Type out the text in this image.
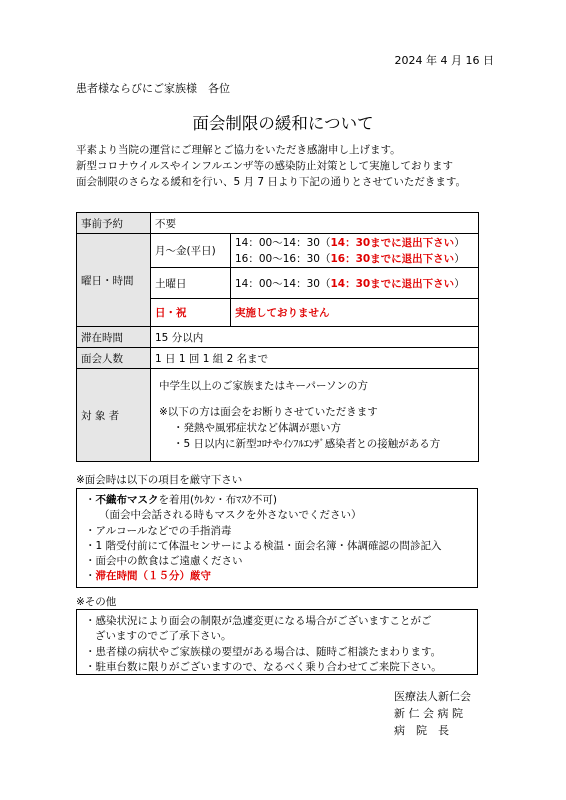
2024 年 4 月 16 日
患者様ならびにご家族様　各位
面会制限の緩和について
平素より当院の運営にご理解とご協力をいただき感謝申し上げます。
新型コロナウイルスやインフルエンザ等の感染防止対策として実施しております
面会制限のさらなる緩和を行い、5 月 7 日より下記の通りとさせていただきます。
事前予約	不要	
曜日・時間	月～金(平日)	14：00～14：30（14：30までに退出下さい）
16：00～16：30（16：30までに退出下さい）

	土曜日	14：00～14：30（14：30までに退出下さい）
	日・祝	実施しておりません
滞在時間	15 分以内	
面会人数	1 日 1 回 1 組 2 名まで	
対 象 者	中学生以上のご家族またはキーパーソンの方
※以下の方は面会をお断りさせていただきます
・発熱や風邪症状など体調が悪い方
・5 日以内に新型ｺﾛﾅやｲﾝﾌﾙｴﾝｻﾞ感染者との接触がある方	
※面会時は以下の項目を厳守下さい
・不織布マスクを着用(ｳﾚﾀﾝ・布ﾏｽｸ不可)
（面会中会話される時もマスクを外さないでください）
・アルコールなどでの手指消毒
・1 階受付前にて体温センサーによる検温・面会名簿・体調確認の問診記入
・面会中の飲食はご遠慮ください
・滞在時間（１５分）厳守
※その他
・感染状況により面会の制限が急遽変更になる場合がございますことがご
ざいますのでご了承下さい。
・患者様の病状やご家族様の要望がある場合は、随時ご相談たまわります。
・駐車台数に限りがございますので、なるべく乗り合わせてご来院下さい。
医療法人新仁会
新 仁 会 病 院
病　院　長
